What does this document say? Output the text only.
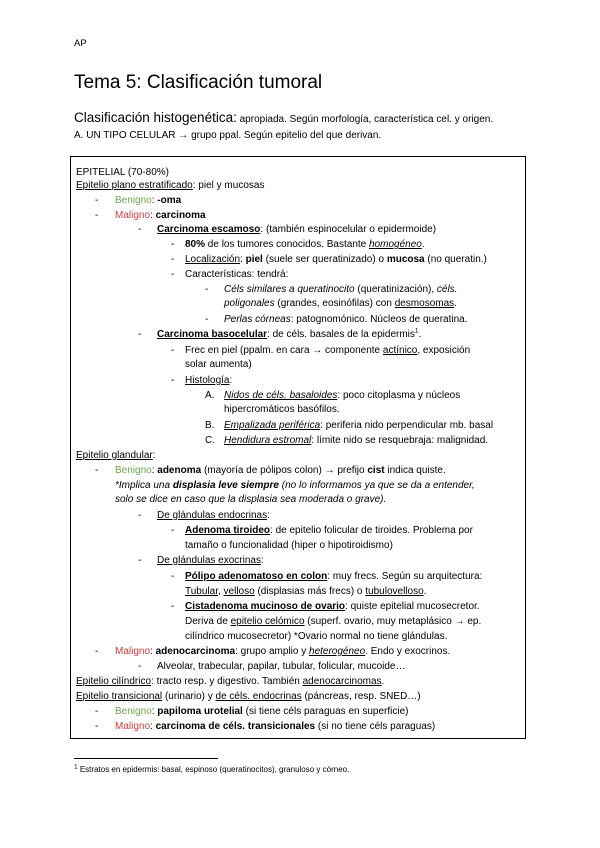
AP
Tema 5: Clasificación tumoral
Clasificación histogenética: apropiada. Según morfología, característica cel. y origen.
A. UN TIPO CELULAR → grupo ppal. Según epitelio del que derivan.
EPITELIAL (70-80%)
Epitelio plano estratificado: piel y mucosas
- Benigno: -oma
- Maligno: carcinoma
- Carcinoma escamoso: (también espinocelular o epidermoide)
- 80% de los tumores conocidos. Bastante homogéneo.
- Localización: piel (suele ser queratinizado) o mucosa (no queratin.)
- Características: tendrá:
- Céls similares a queratinocito (queratinización), céls.
poligonales (grandes, eosinófilas) con desmosomas.
- Perlas córneas: patognomónico. Núcleos de queratina.
- Carcinoma basocelular: de céls. basales de la epidermis$^1$.
- Frec en piel (ppalm. en cara → componente actínico, exposición
solar aumenta)
- Histología:
A. Nidos de céls. basaloides: poco citoplasma y núcleos
hipercromáticos basófilos.
B. Empalizada periférica: periferia nido perpendicular mb. basal
C. Hendidura estromal: límite nido se resquebraja: malignidad.
Epitelio glandular:
- Benigno: adenoma (mayoría de pólipos colon) → prefijo cist indica quiste.
*Implica una displasia leve siempre (no lo informamos ya que se da a entender,
solo se dice en caso que la displasia sea moderada o grave).
- De glándulas endocrinas:
- Adenoma tiroideo: de epitelio folicular de tiroides. Problema por
tamaño o funcionalidad (hiper o hipotiroidismo)
- De glándulas exocrinas:
- Pólipo adenomatoso en colon: muy frecs. Según su arquitectura:
Tubular, velloso (displasias más frecs) o tubulovelloso.
- Cistadenoma mucinoso de ovario: quiste epitelial mucosecretor.
Deriva de epitelio celómico (superf. ovario, muy metaplásico → ep.
cilíndrico mucosecretor) *Ovario normal no tiene glándulas.
- Maligno: adenocarcinoma: grupo amplio y heterogéneo. Endo y exocrinos.
- Alveolar, trabecular, papilar, tubular, folicular, mucoide…
Epitelio cilíndrico: tracto resp. y digestivo. También adenocarcinomas.
Epitelio transicional (urinario) y de céls. endocrinas (páncreas, resp. SNED…)
- Benigno: papiloma urotelial (si tiene céls paraguas en superficie)
- Maligno: carcinoma de céls. transicionales (si no tiene céls paraguas)
$^1$ Estratos en epidermis: basal, espinoso (queratinocitos), granuloso y córneo.
